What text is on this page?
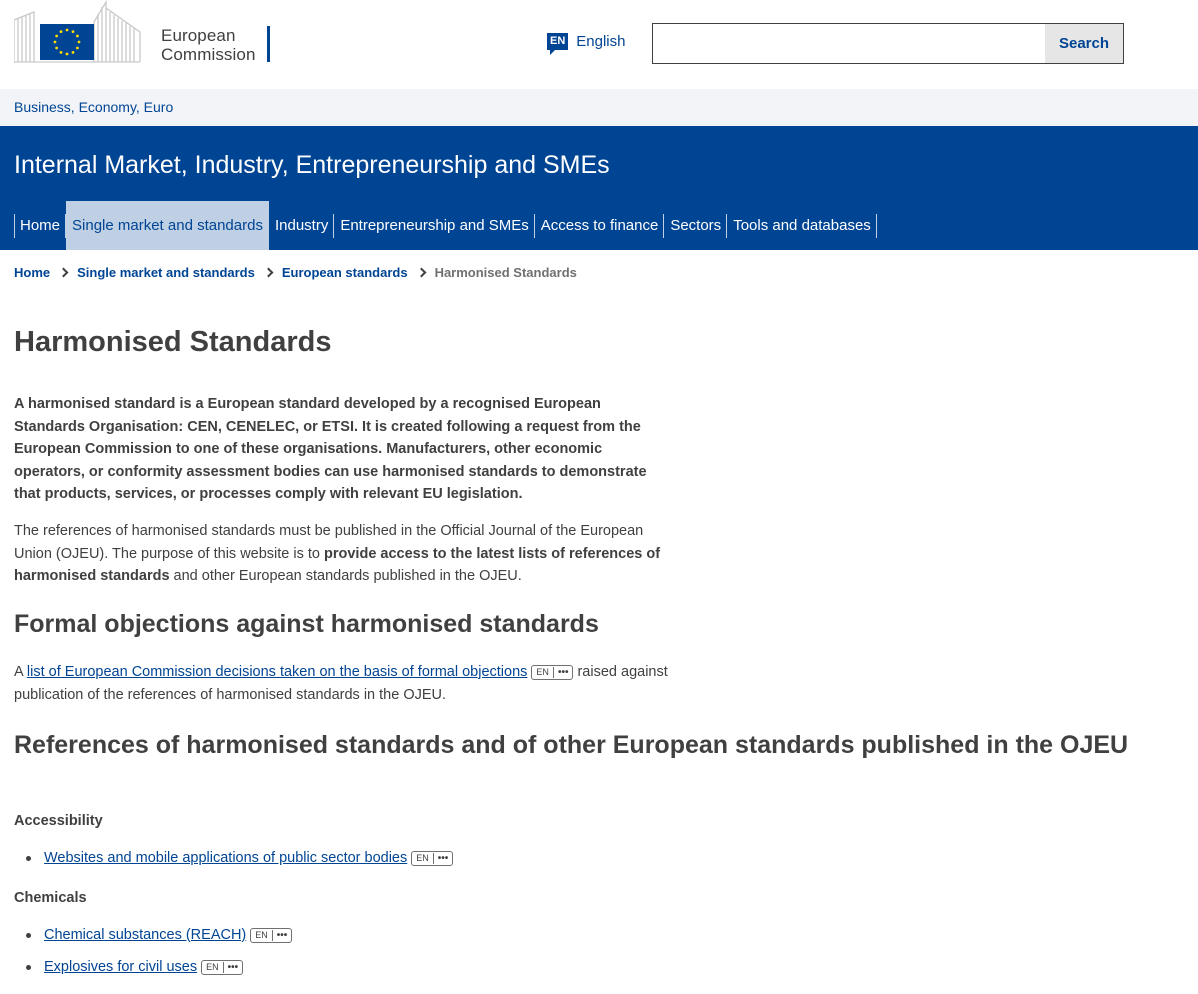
European
Commission
EN English	Search
Business, Economy, Euro
Internal Market, Industry, Entrepreneurship and SMEs
Home Single market and standards Industry Entrepreneurship and SMEs Access to finance Sectors Tools and databases
Home Single market and standards European standards Harmonised Standards
Harmonised Standards

A harmonised standard is a European standard developed by a recognised European Standards Organisation: CEN, CENELEC, or ETSI. It is created following a request from the European Commission to one of these organisations. Manufacturers, other economic operators, or conformity assessment bodies can use harmonised standards to demonstrate that products, services, or processes comply with relevant EU legislation.

The references of harmonised standards must be published in the Official Journal of the European Union (OJEU). The purpose of this website is to provide access to the latest lists of references of harmonised standards and other European standards published in the OJEU.

Formal objections against harmonised standards

A list of European Commission decisions taken on the basis of formal objections EN ••• raised against publication of the references of harmonised standards in the OJEU.

References of harmonised standards and of other European standards published in the OJEU
Accessibility
Websites and mobile applications of public sector bodies EN •••
Chemicals
Chemical substances (REACH) EN •••
Explosives for civil uses EN •••
